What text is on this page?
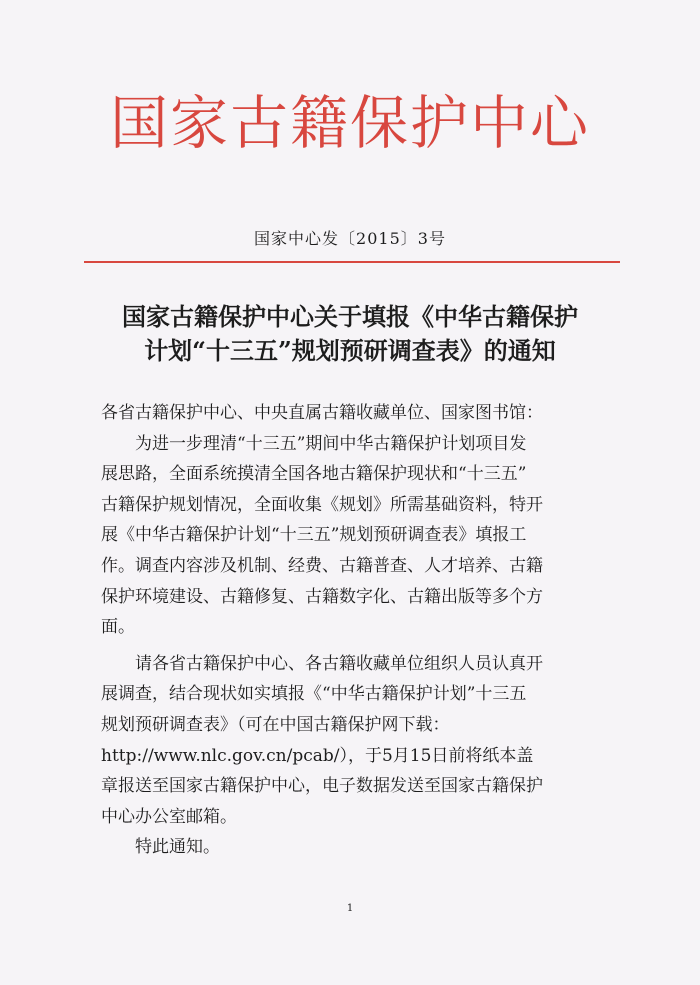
国家古籍保护中心
国家中心发〔2015〕3号
国家古籍保护中心关于填报《中华古籍保护
计划“十三五”规划预研调查表》的通知
各省古籍保护中心、中央直属古籍收藏单位、国家图书馆：
为进一步理清“十三五”期间中华古籍保护计划项目发
展思路，全面系统摸清全国各地古籍保护现状和“十三五”
古籍保护规划情况，全面收集《规划》所需基础资料，特开
展《中华古籍保护计划“十三五”规划预研调查表》填报工
作。调查内容涉及机制、经费、古籍普查、人才培养、古籍
保护环境建设、古籍修复、古籍数字化、古籍出版等多个方
面。
请各省古籍保护中心、各古籍收藏单位组织人员认真开
展调查，结合现状如实填报《“中华古籍保护计划”十三五
规划预研调查表》（可在中国古籍保护网下载：
http://www.nlc.gov.cn/pcab/），于5月15日前将纸本盖
章报送至国家古籍保护中心，电子数据发送至国家古籍保护
中心办公室邮箱。
特此通知。
1
